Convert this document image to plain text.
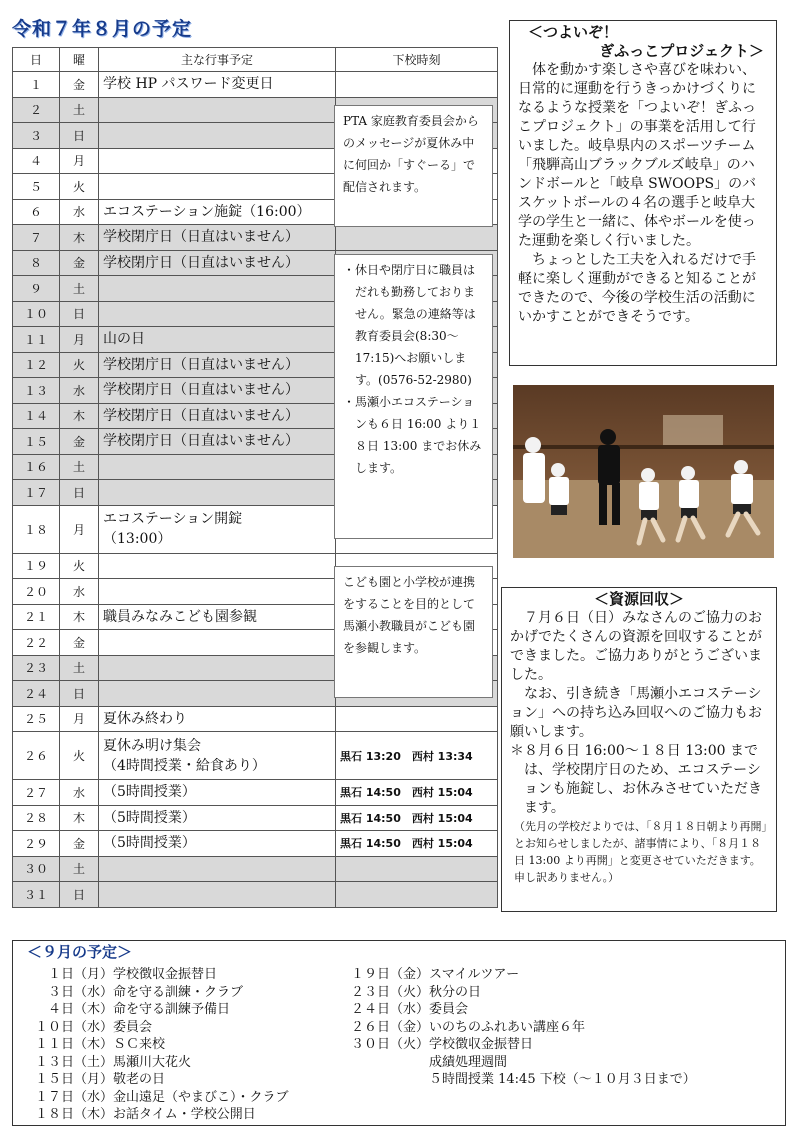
令和７年８月の予定
日	曜	主な行事予定	下校時刻
１	金	学校 HP パスワード変更日	
２	土		
３	日		
４	月		
５	火		
６	水	エコステーション施錠（16:00）	
７	木	学校閉庁日（日直はいません）	
８	金	学校閉庁日（日直はいません）	
９	土		
１０	日		
１１	月	山の日	
１２	火	学校閉庁日（日直はいません）	
１３	水	学校閉庁日（日直はいません）	
１４	木	学校閉庁日（日直はいません）	
１５	金	学校閉庁日（日直はいません）	
１６	土		
１７	日		
１８	月	エコステーション開錠
（13:00）	
１９	火		
２０	水		
２１	木	職員みなみこども園参観	
２２	金		
２３	土		
２４	日		
２５	月	夏休み終わり	
２６	火	夏休み明け集会
（4時間授業・給食あり）	黒石 13:20　西村 13:34
２７	水	（5時間授業）	黒石 14:50　西村 15:04
２８	木	（5時間授業）	黒石 14:50　西村 15:04
２９	金	（5時間授業）	黒石 14:50　西村 15:04
３０	土		
３１	日		
PTA 家庭教育委員会からのメッセージが夏休み中に何回か「すぐーる」で配信されます。
・休日や閉庁日に職員はだれも勤務しておりません。緊急の連絡等は教育委員会(8:30～17:15)へお願いします。(0576-52-2980)
・馬瀬小エコステーションも６日 16:00 より１８日 13:00 までお休みします。
こども園と小学校が連携をすることを目的として馬瀬小教職員がこども園を参観します。
＜つよいぞ！
ぎふっこプロジェクト＞

体を動かす楽しさや喜びを味わい、日常的に運動を行うきっかけづくりになるような授業を「つよいぞ！ぎふっこプロジェクト」の事業を活用して行いました。岐阜県内のスポーツチーム「飛騨高山ブラックブルズ岐阜」のハンドボールと「岐阜 SWOOPS」のバスケットボールの４名の選手と岐阜大学の学生と一緒に、体やボールを使った運動を楽しく行いました。

ちょっとした工夫を入れるだけで手軽に楽しく運動ができると知ることができたので、今後の学校生活の活動にいかすことができそうです。

＜資源回収＞

７月６日（日）みなさんのご協力のおかげでたくさんの資源を回収することができました。ご協力ありがとうございました。

なお、引き続き「馬瀬小エコステーション」への持ち込み回収へのご協力もお願いします。

＊８月６日 16:00～１８日 13:00 までは、学校閉庁日のため、エコステーションも施錠し、お休みさせていただきます。

（先月の学校だよりでは、「８月１８日朝より再開」とお知らせしましたが、諸事情により、「８月１８日 13:00 より再開」と変更させていただきます。申し訳ありません。）

＜９月の予定＞
　１日（月）学校徴収金振替日
　３日（水）命を守る訓練・クラブ
　４日（木）命を守る訓練予備日
１０日（水）委員会
１１日（木）ＳＣ来校
１３日（土）馬瀬川大花火
１５日（月）敬老の日
１７日（水）金山遠足（やまびこ）・クラブ
１８日（木）お話タイム・学校公開日
１９日（金）スマイルツアー
２３日（火）秋分の日
２４日（水）委員会
２６日（金）いのちのふれあい講座６年
３０日（火）学校徴収金振替日
　　　　　　成績処理週間
　　　　　　５時間授業 14:45 下校（～１０月３日まで）
